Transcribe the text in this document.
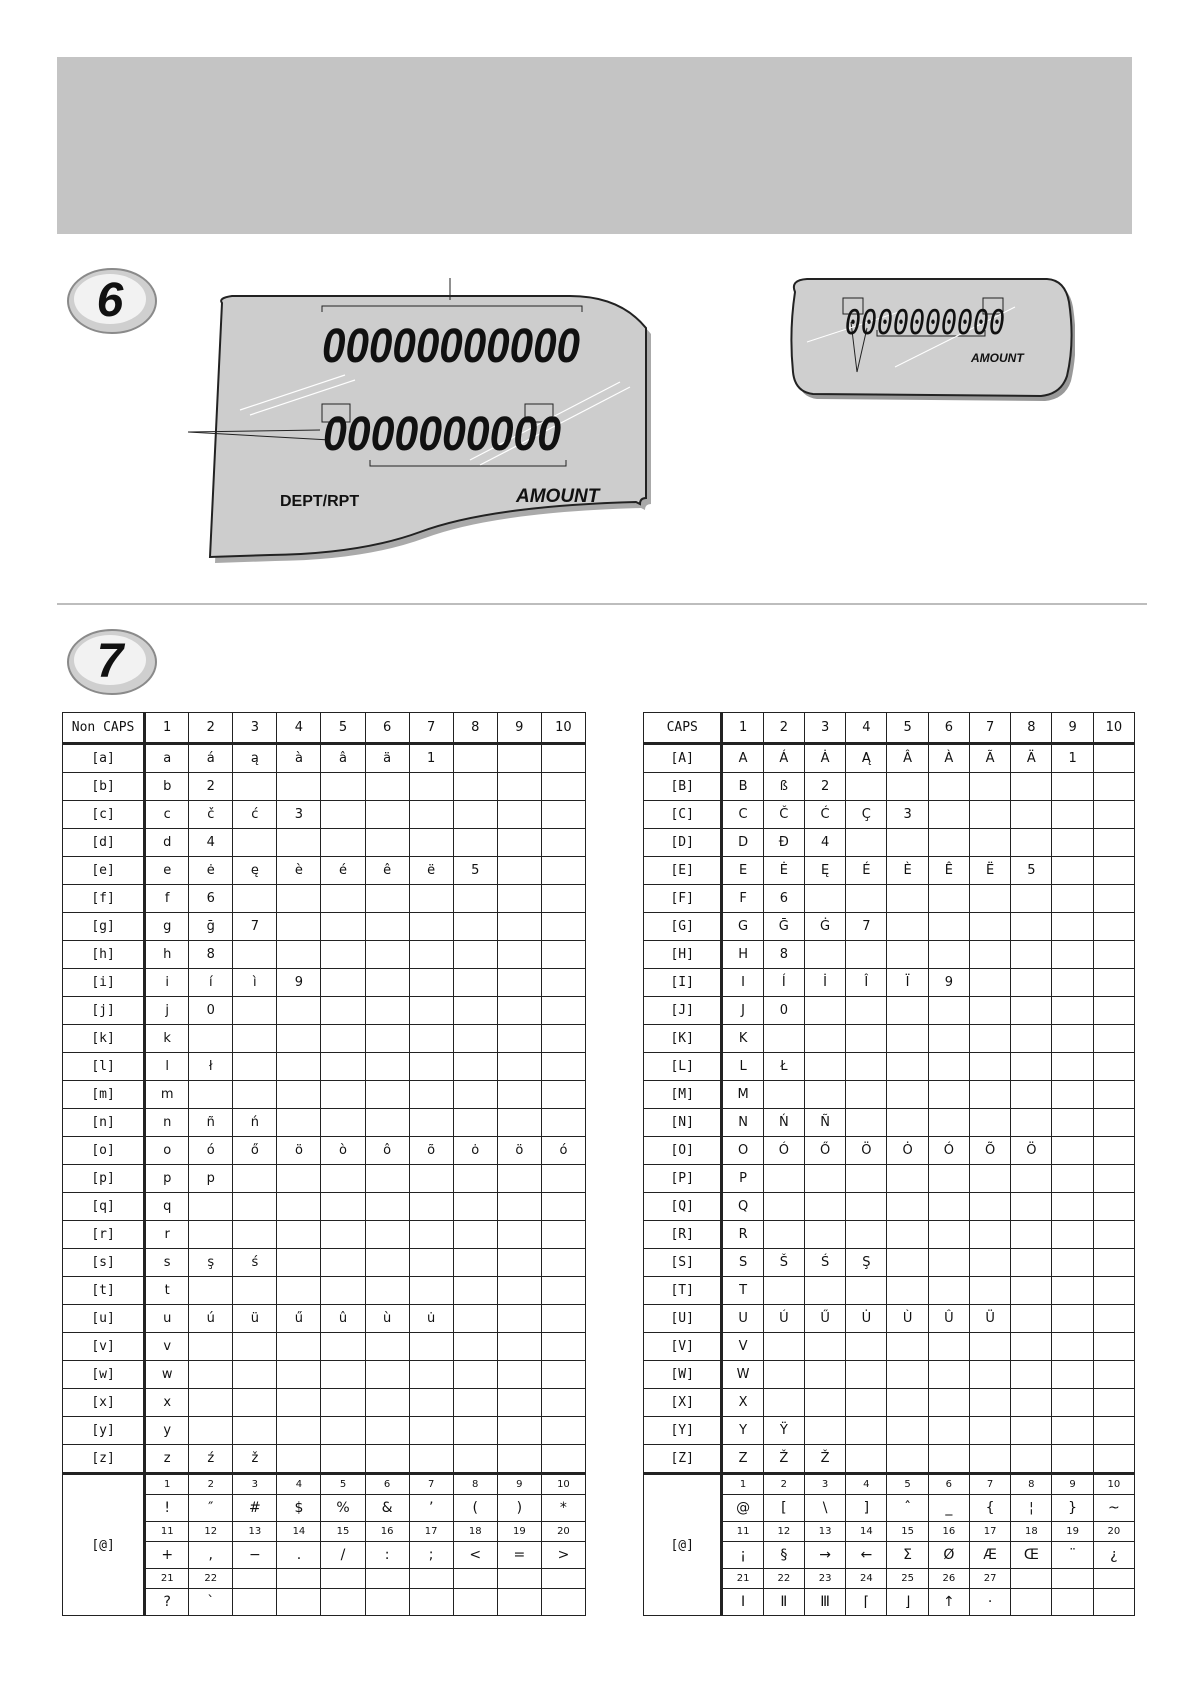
6
00000000000
0000000000
DEPT/RPT	AMOUNT
0000000000
AMOUNT
7
Non CAPS	1	2	3	4	5	6	7	8	9	10
[a]	a	á	ą	à	â	ä	1			
[b]	b	2								
[c]	c	č	ć	3						
[d]	d	4								
[e]	e	ė	ę	è	é	ê	ë	5		
[f]	f	6								
[g]	g	ḡ	7							
[h]	h	8								
[i]	i	í	ì	9						
[j]	j	0								
[k]	k									
[l]	l	ł								
[m]	m									
[n]	n	ñ	ń							
[o]	o	ó	ő	ö	ò	ô	õ	ȯ	ö	ó
[p]	p	p								
[q]	q									
[r]	r									
[s]	s	ş	ś							
[t]	t									
[u]	u	ú	ü	ű	û	ù	u̇			
[v]	v									
[w]	w									
[x]	x									
[y]	y									
[z]	z	ź	ž							
[@]	1	2	3	4	5	6	7	8	9	10
	!	″	#	$	%	&	’	(	)	*
	11	12	13	14	15	16	17	18	19	20
	+	,	−	.	/	:	;	<	=	>
	21	22								
	?	`								
CAPS	1	2	3	4	5	6	7	8	9	10
[A]	A	Á	Ȧ	Ą	Â	À	Ã	Ä	1	
[B]	B	ß	2							
[C]	C	Č	Ć	Ç	3					
[D]	D	Đ	4							
[E]	E	Ė	Ę	É	È	Ê	Ë	5		
[F]	F	6								
[G]	G	Ḡ	Ġ	7						
[H]	H	8								
[I]	I	Í	İ	Î	Ï	9				
[J]	J	0								
[K]	K									
[L]	L	Ł								
[M]	M									
[N]	N	Ń	Ñ							
[O]	O	Ó	Ő	Ö	Ȯ	Ó	Õ	Ö		
[P]	P									
[Q]	Q									
[R]	R									
[S]	S	Š	Ś	Ş						
[T]	T									
[U]	U	Ú	Ű	U̇	Ù	Û	Ü			
[V]	V									
[W]	W									
[X]	X									
[Y]	Y	Ÿ								
[Z]	Z	Ž	Ž							
[@]	1	2	3	4	5	6	7	8	9	10
	@	[	\	]	ˆ	_	{	¦	}	~
	11	12	13	14	15	16	17	18	19	20
	¡	§	→	←	Σ	Ø	Æ	Œ	¨	¿
	21	22	23	24	25	26	27			
	Ⅰ	Ⅱ	Ⅲ	⌈	⌋	↑	·			
